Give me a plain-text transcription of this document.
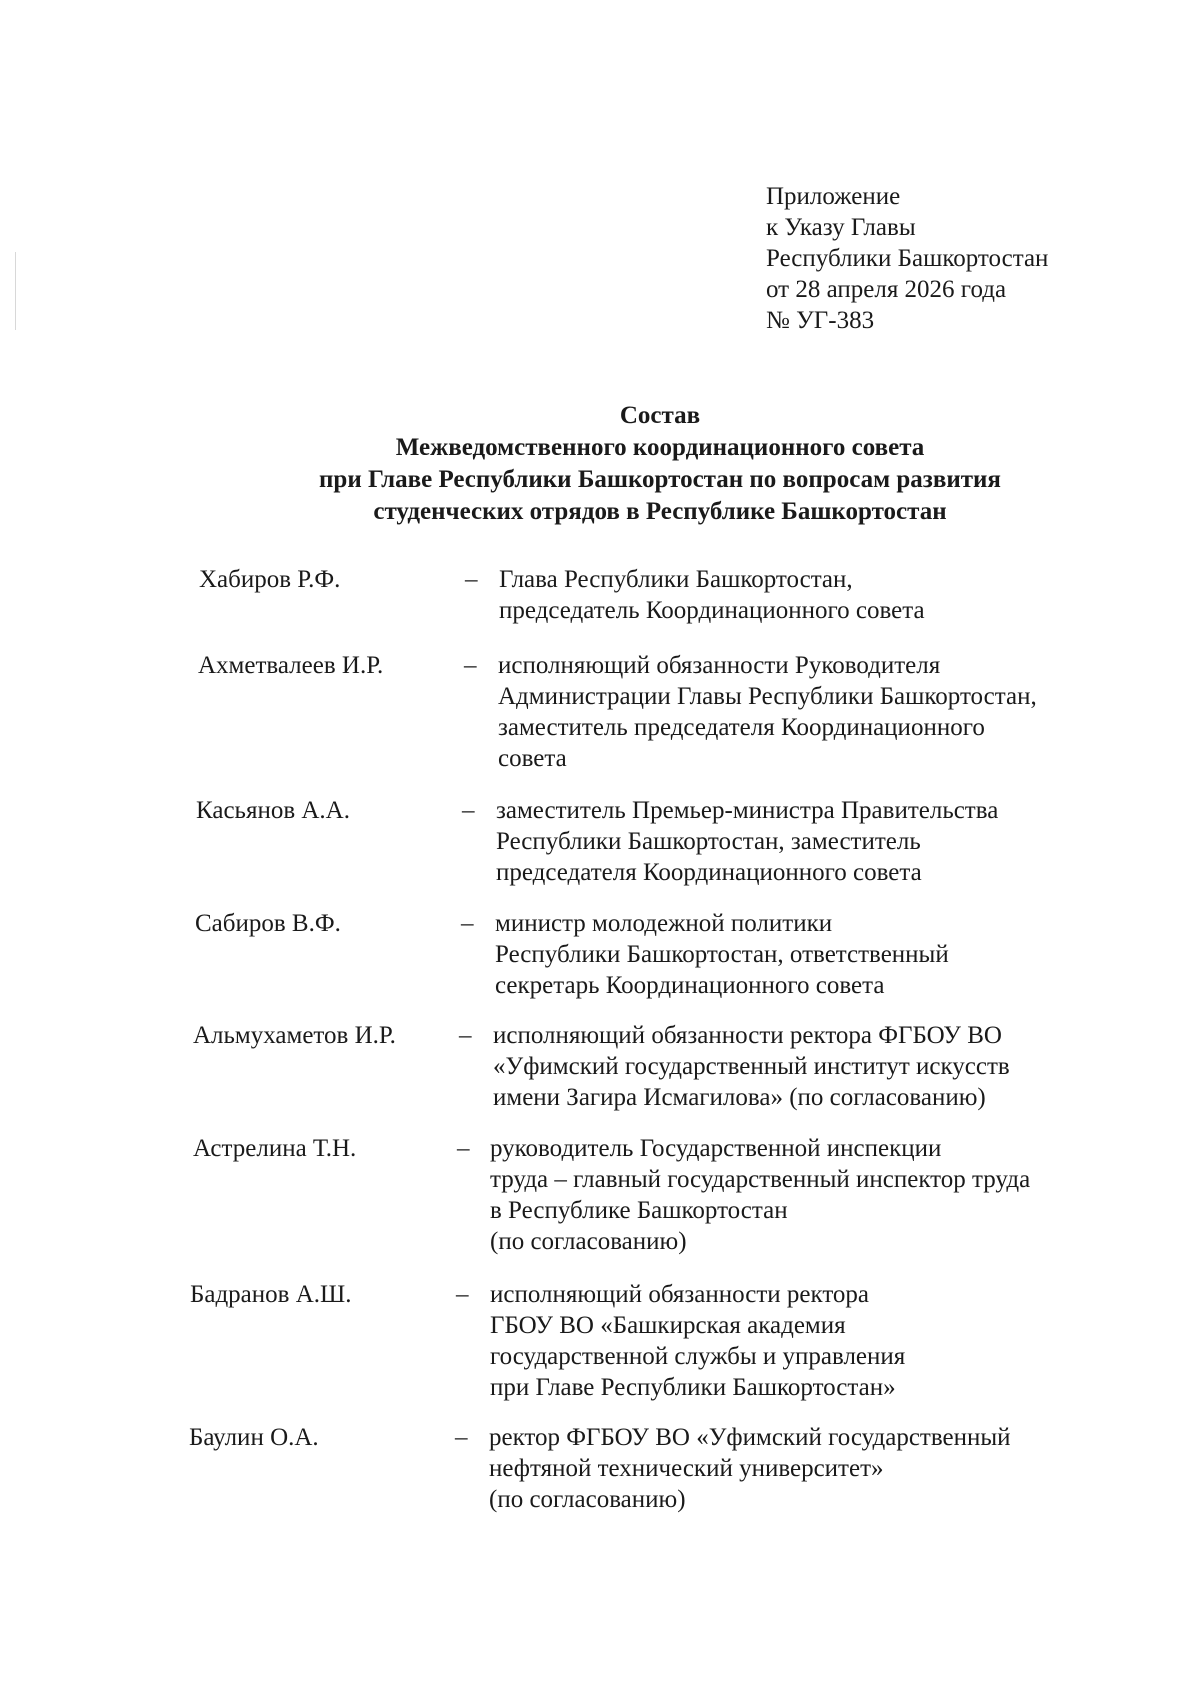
Приложение
к Указу Главы
Республики Башкортостан
от 28 апреля 2026 года
№ УГ-383
Состав
Межведомственного координационного совета
при Главе Республики Башкортостан по вопросам развития
студенческих отрядов в Республике Башкортостан
Хабиров Р.Ф.	– Глава Республики Башкортостан,
председатель Координационного совета
Ахметвалеев И.Р.	– исполняющий обязанности Руководителя
Администрации Главы Республики Башкортостан,
заместитель председателя Координационного
совета
Касьянов А.А.	– заместитель Премьер-министра Правительства
Республики Башкортостан, заместитель
председателя Координационного совета
Сабиров В.Ф.	– министр молодежной политики
Республики Башкортостан, ответственный
секретарь Координационного совета
Альмухаметов И.Р.	– исполняющий обязанности ректора ФГБОУ ВО
«Уфимский государственный институт искусств
имени Загира Исмагилова» (по согласованию)
Астрелина Т.Н.	– руководитель Государственной инспекции
труда – главный государственный инспектор труда
в Республике Башкортостан
(по согласованию)
Бадранов А.Ш.	– исполняющий обязанности ректора
ГБОУ ВО «Башкирская академия
государственной службы и управления
при Главе Республики Башкортостан»
Баулин О.А.	– ректор ФГБОУ ВО «Уфимский государственный
нефтяной технический университет»
(по согласованию)
